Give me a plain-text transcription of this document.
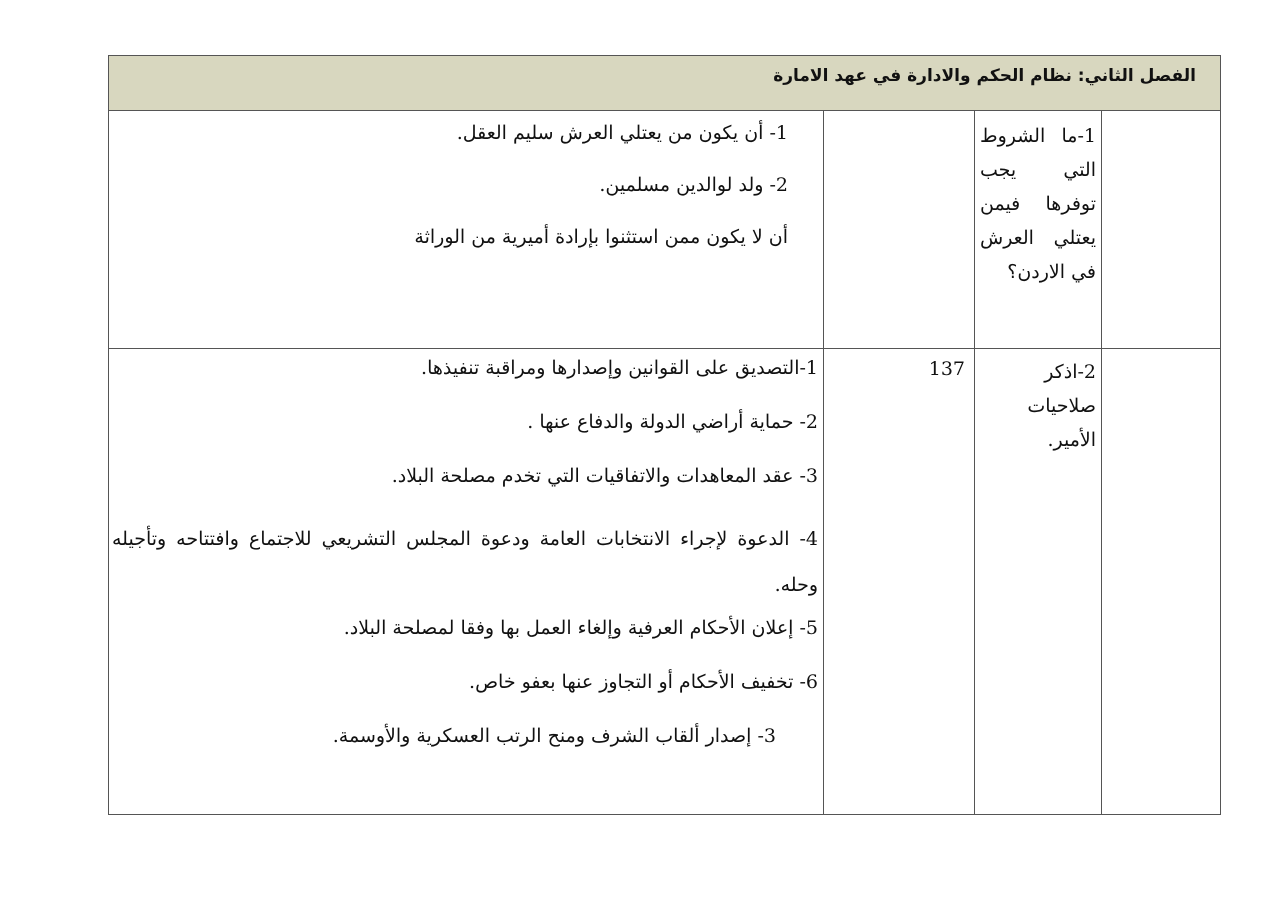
الفصل الثاني: نظام الحكم والادارة في عهد الامارة
1-ما الشروط التي يجب توفرها فيمن يعتلي العرش في الاردن؟

1- أن يكون من يعتلي العرش سليم العقل.

2- ولد لوالدين مسلمين.

أن لا يكون ممن استثنوا بإرادة أميرية من الوراثة

2-اذكر صلاحيات الأمير.
137

1-التصديق على القوانين وإصدارها ومراقبة تنفيذها.

2- حماية أراضي الدولة والدفاع عنها .

3- عقد المعاهدات والاتفاقيات التي تخدم مصلحة البلاد.

4- الدعوة لإجراء الانتخابات العامة ودعوة المجلس التشريعي للاجتماع وافتتاحه وتأجيله وحله.

5- إعلان الأحكام العرفية وإلغاء العمل بها وفقا لمصلحة البلاد.

6- تخفيف الأحكام أو التجاوز عنها بعفو خاص.

3- إصدار ألقاب الشرف ومنح الرتب العسكرية والأوسمة.
